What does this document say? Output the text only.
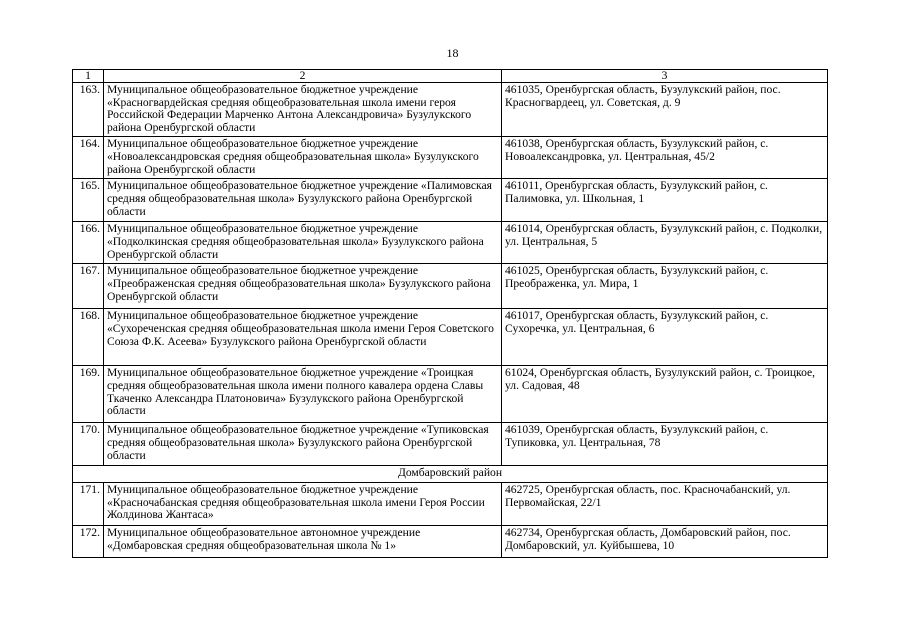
18
1	2	3
163.	Муниципальное общеобразовательное бюджетное учреждение «Красногвардейская средняя общеобразовательная школа имени героя Российской Федерации Марченко Антона Александровича» Бузулукского района Оренбургской области	461035, Оренбургская область, Бузулукский район, пос. Красногвардеец, ул. Советская, д. 9
164.	Муниципальное общеобразовательное бюджетное учреждение «Новоалександровская средняя общеобразовательная школа» Бузулукского района Оренбургской области	461038, Оренбургская область, Бузулукский район, с. Новоалександровка, ул. Центральная, 45/2
165.	Муниципальное общеобразовательное бюджетное учреждение «Палимовская средняя общеобразовательная школа» Бузулукского района Оренбургской области	461011, Оренбургская область, Бузулукский район, с. Палимовка, ул. Школьная, 1
166.	Муниципальное общеобразовательное бюджетное учреждение «Подколкинская средняя общеобразовательная школа» Бузулукского района Оренбургской области	461014, Оренбургская область, Бузулукский район, с. Подколки, ул. Центральная, 5
167.	Муниципальное общеобразовательное бюджетное учреждение «Преображенская средняя общеобразовательная школа» Бузулукского района Оренбургской области	461025, Оренбургская область, Бузулукский район, с. Преображенка, ул. Мира, 1
168.	Муниципальное общеобразовательное бюджетное учреждение «Сухореченская средняя общеобразовательная школа имени Героя Советского Союза Ф.К. Асеева» Бузулукского района Оренбургской области	461017, Оренбургская область, Бузулукский район, с. Сухоречка, ул. Центральная, 6
169.	Муниципальное общеобразовательное бюджетное учреждение «Троицкая средняя общеобразовательная школа имени полного кавалера ордена Славы Ткаченко Александра Платоновича» Бузулукского района Оренбургской области	61024, Оренбургская область, Бузулукский район, с. Троицкое, ул. Садовая, 48
170.	Муниципальное общеобразовательное бюджетное учреждение «Тупиковская средняя общеобразовательная школа» Бузулукского района Оренбургской области	461039, Оренбургская область, Бузулукский район, с. Тупиковка, ул. Центральная, 78
Домбаровский район		
171.	Муниципальное общеобразовательное бюджетное учреждение «Красночабанская средняя общеобразовательная школа имени Героя России Жолдинова Жантаса»	462725, Оренбургская область, пос. Красночабанский, ул. Первомайская, 22/1
172.	Муниципальное общеобразовательное автономное учреждение «Домбаровская средняя общеобразовательная школа № 1»	462734, Оренбургская область, Домбаровский район, пос. Домбаровский, ул. Куйбышева, 10
